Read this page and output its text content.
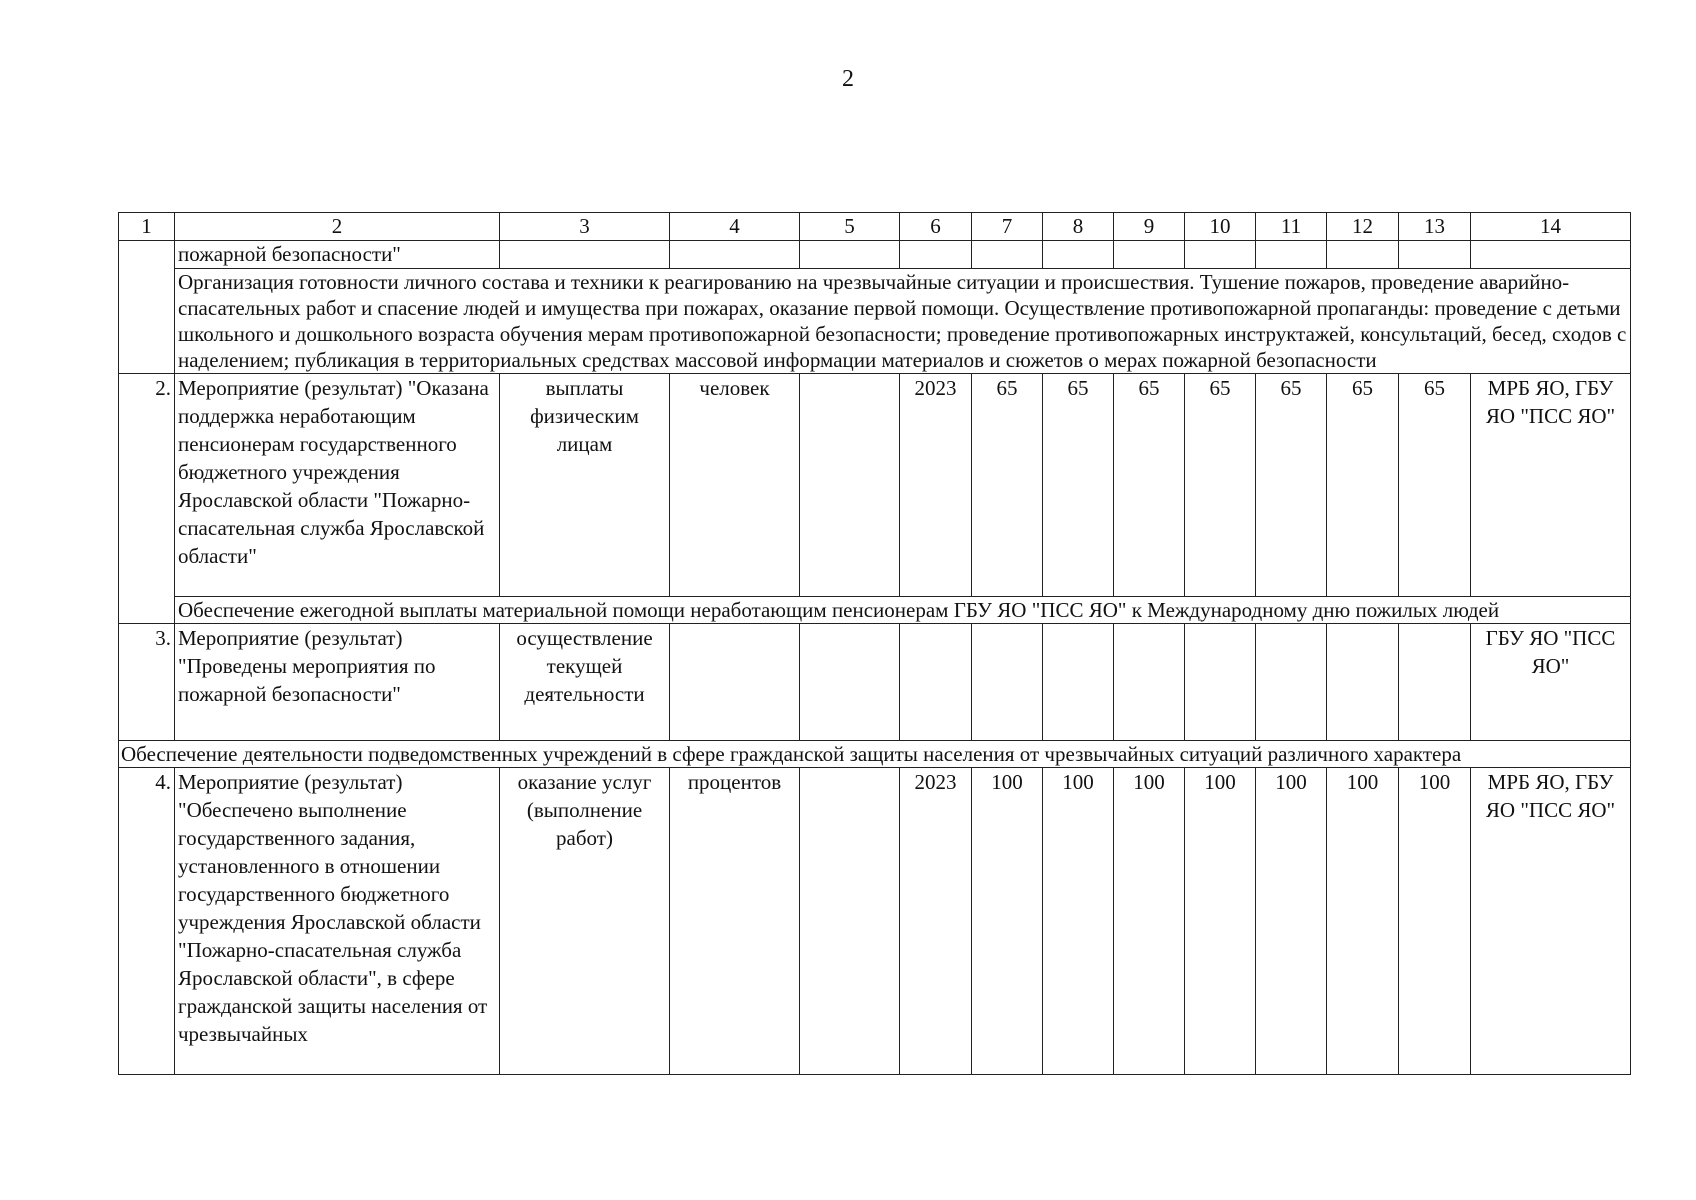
2
1	2	3	4	5	6	7	8	9	10	11	12	13	14
	пожарной безопасности"												
	Организация готовности личного состава и техники к реагированию на чрезвычайные ситуации и происшествия. Тушение пожаров, проведение аварийно-спасательных работ и спасение людей и имущества при пожарах, оказание первой помощи. Осуществление противопожарной пропаганды: проведение с детьми школьного и дошкольного возраста обучения мерам противопожарной безопасности; проведение противопожарных инструктажей, консультаций, бесед, сходов с наделением; публикация в территориальных средствах массовой информации материалов и сюжетов о мерах пожарной безопасности												
2.	Мероприятие (результат) "Оказана поддержка неработающим пенсионерам государственного бюджетного учреждения Ярославской области "Пожарно-спасательная служба Ярославской области"	выплаты физическим лицам	человек		2023	65	65	65	65	65	65	65	МРБ ЯО, ГБУ ЯО "ПСС ЯО"
	Обеспечение ежегодной выплаты материальной помощи неработающим пенсионерам ГБУ ЯО "ПСС ЯО" к Международному дню пожилых людей												
3.	Мероприятие (результат) "Проведены мероприятия по пожарной безопасности"	осуществление текущей деятельности											ГБУ ЯО "ПСС ЯО"
Обеспечение деятельности подведомственных учреждений в сфере гражданской защиты населения от чрезвычайных ситуаций различного характера													
4.	Мероприятие (результат) "Обеспечено выполнение государственного задания, установленного в отношении государственного бюджетного учреждения Ярославской области "Пожарно-спасательная служба Ярославской области", в сфере гражданской защиты населения от чрезвычайных	оказание услуг (выполнение работ)	процентов		2023	100	100	100	100	100	100	100	МРБ ЯО, ГБУ ЯО "ПСС ЯО"
